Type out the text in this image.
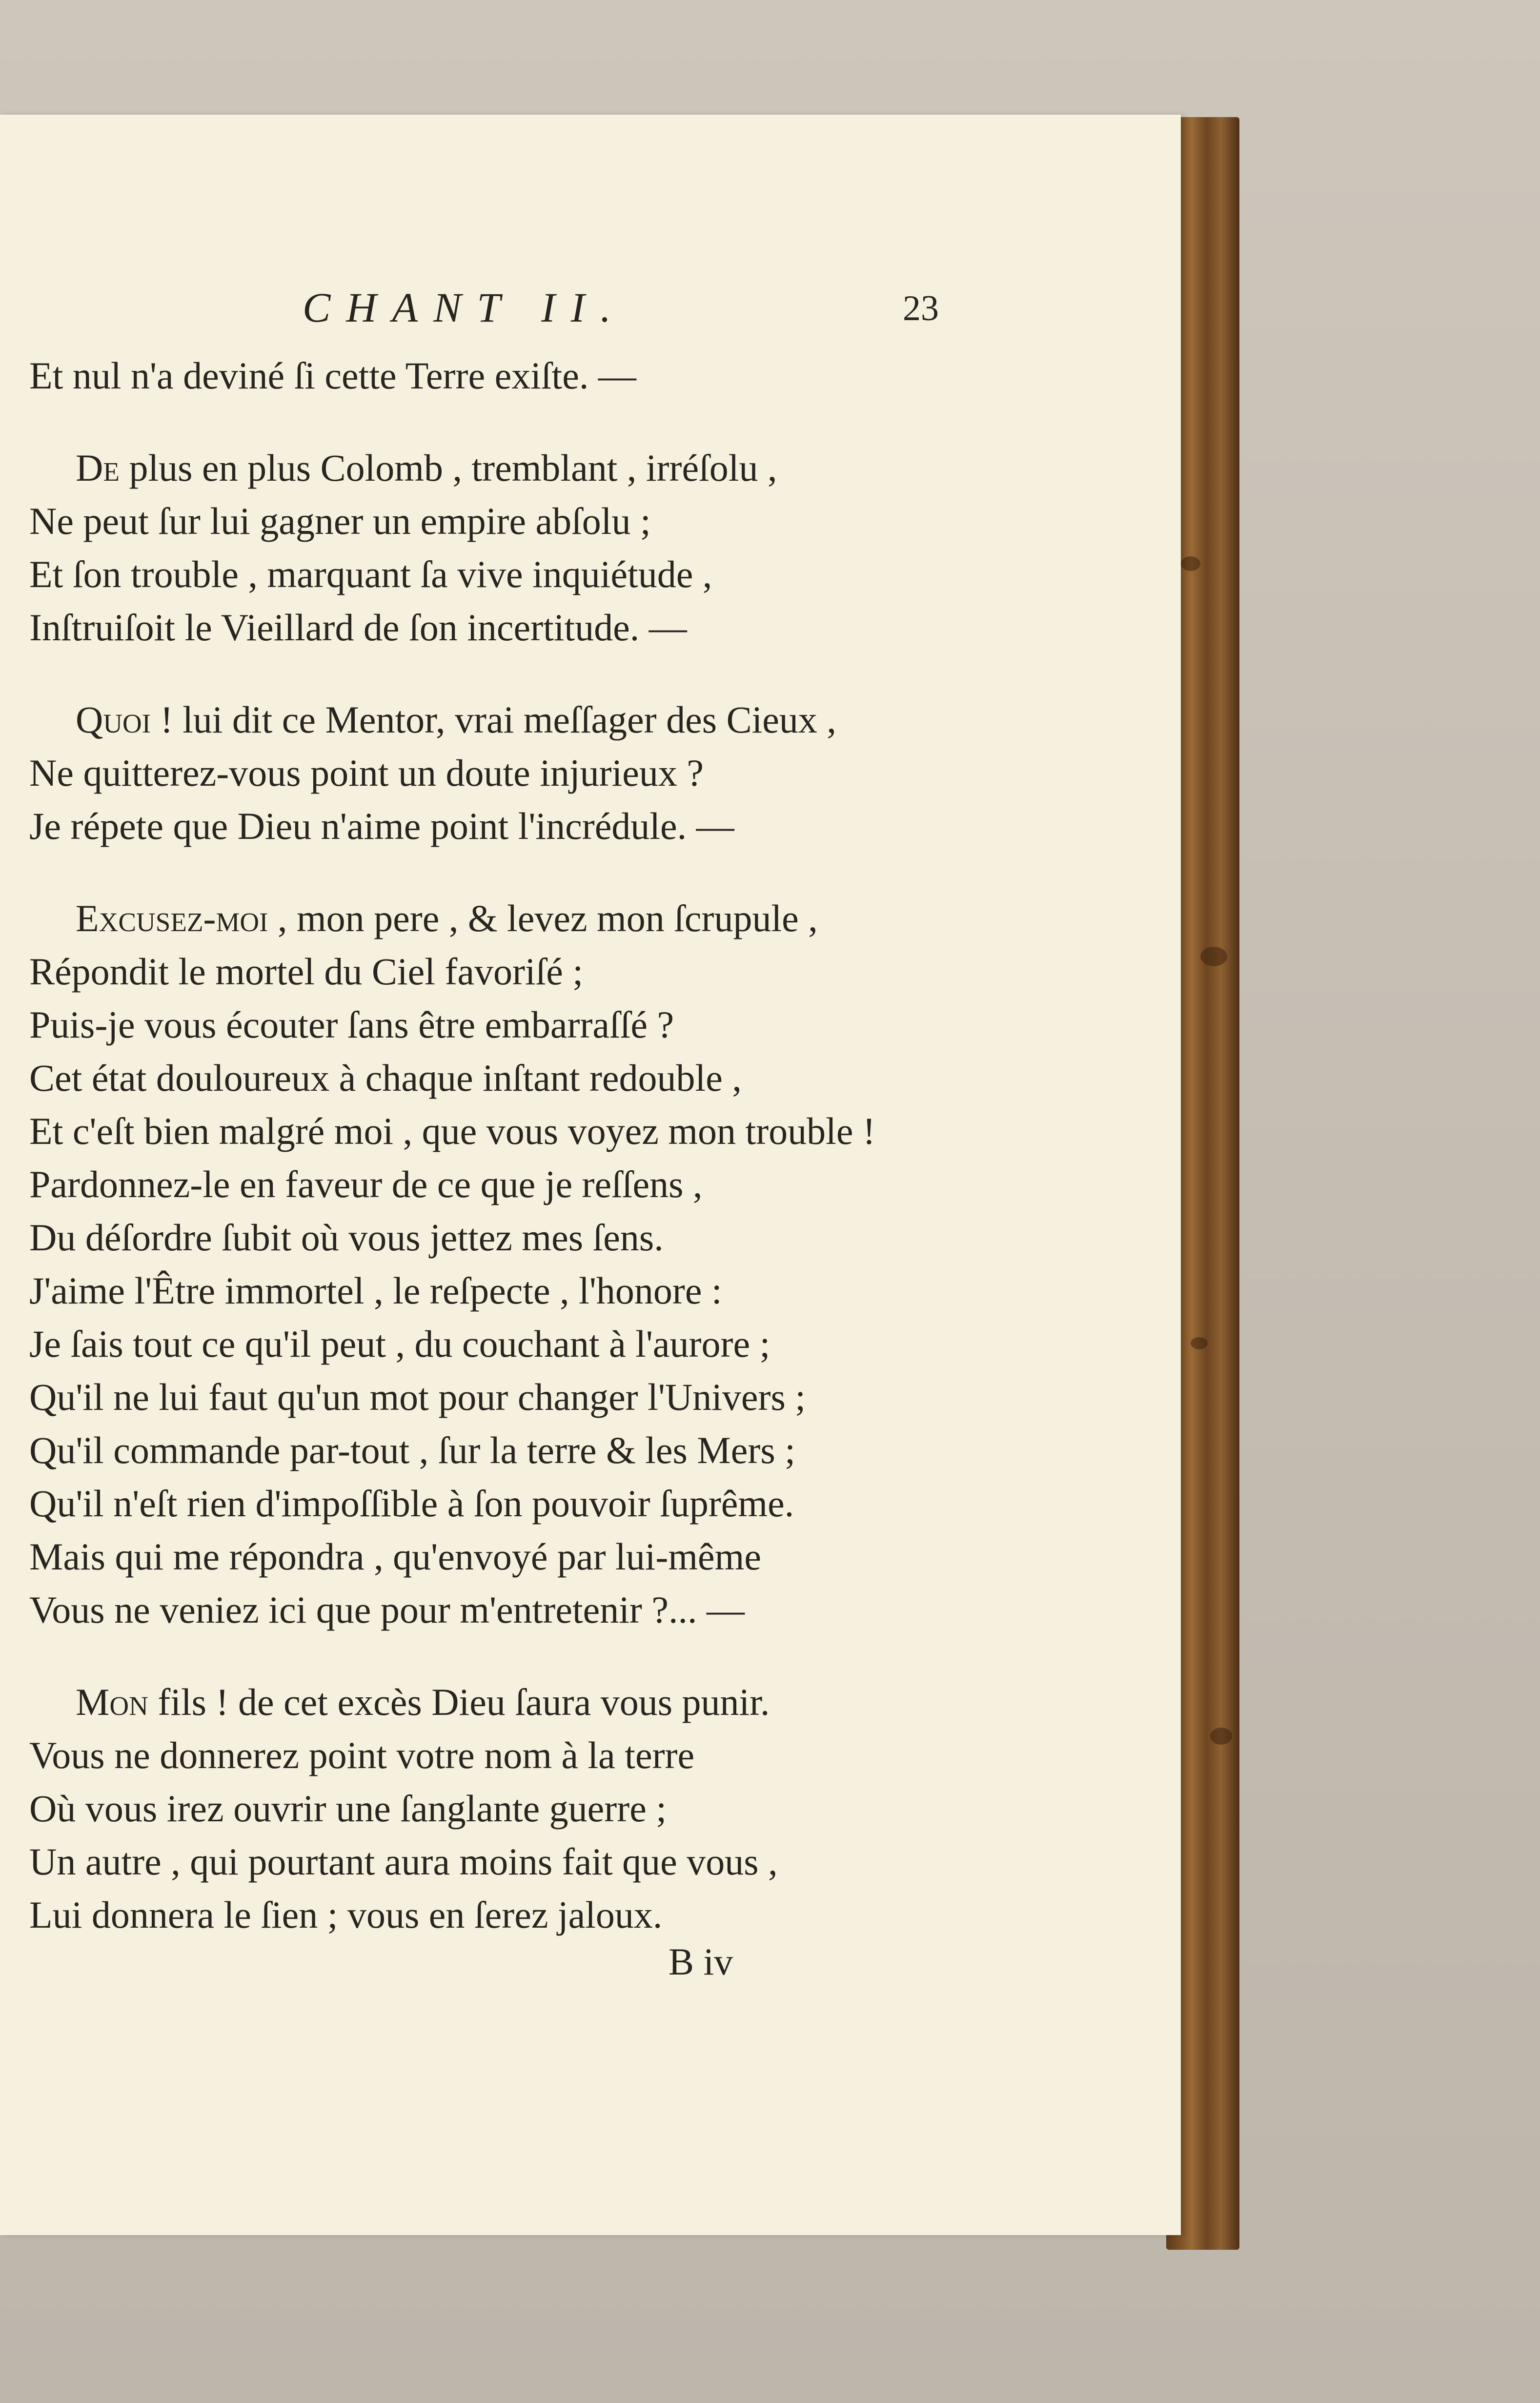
CHANT II.	23
Et nul n'a deviné ſi cette Terre exiſte. —
De plus en plus Colomb , tremblant , irréſolu ,
Ne peut ſur lui gagner un empire abſolu ;
Et ſon trouble , marquant ſa vive inquiétude ,
Inſtruiſoit le Vieillard de ſon incertitude. —
Quoi ! lui dit ce Mentor, vrai meſſager des Cieux ,
Ne quitterez-vous point un doute injurieux ?
Je répete que Dieu n'aime point l'incrédule. —
Excusez-moi , mon pere , & levez mon ſcrupule ,
Répondit le mortel du Ciel favoriſé ;
Puis-je vous écouter ſans être embarraſſé ?
Cet état douloureux à chaque inſtant redouble ,
Et c'eſt bien malgré moi , que vous voyez mon trouble !
Pardonnez-le en faveur de ce que je reſſens ,
Du déſordre ſubit où vous jettez mes ſens.
J'aime l'Être immortel , le reſpecte , l'honore :
Je ſais tout ce qu'il peut , du couchant à l'aurore ;
Qu'il ne lui faut qu'un mot pour changer l'Univers ;
Qu'il commande par-tout , ſur la terre & les Mers ;
Qu'il n'eſt rien d'impoſſible à ſon pouvoir ſuprême.
Mais qui me répondra , qu'envoyé par lui-même
Vous ne veniez ici que pour m'entretenir ?... —
Mon fils ! de cet excès Dieu ſaura vous punir.
Vous ne donnerez point votre nom à la terre
Où vous irez ouvrir une ſanglante guerre ;
Un autre , qui pourtant aura moins fait que vous ,
Lui donnera le ſien ; vous en ſerez jaloux.
B iv
